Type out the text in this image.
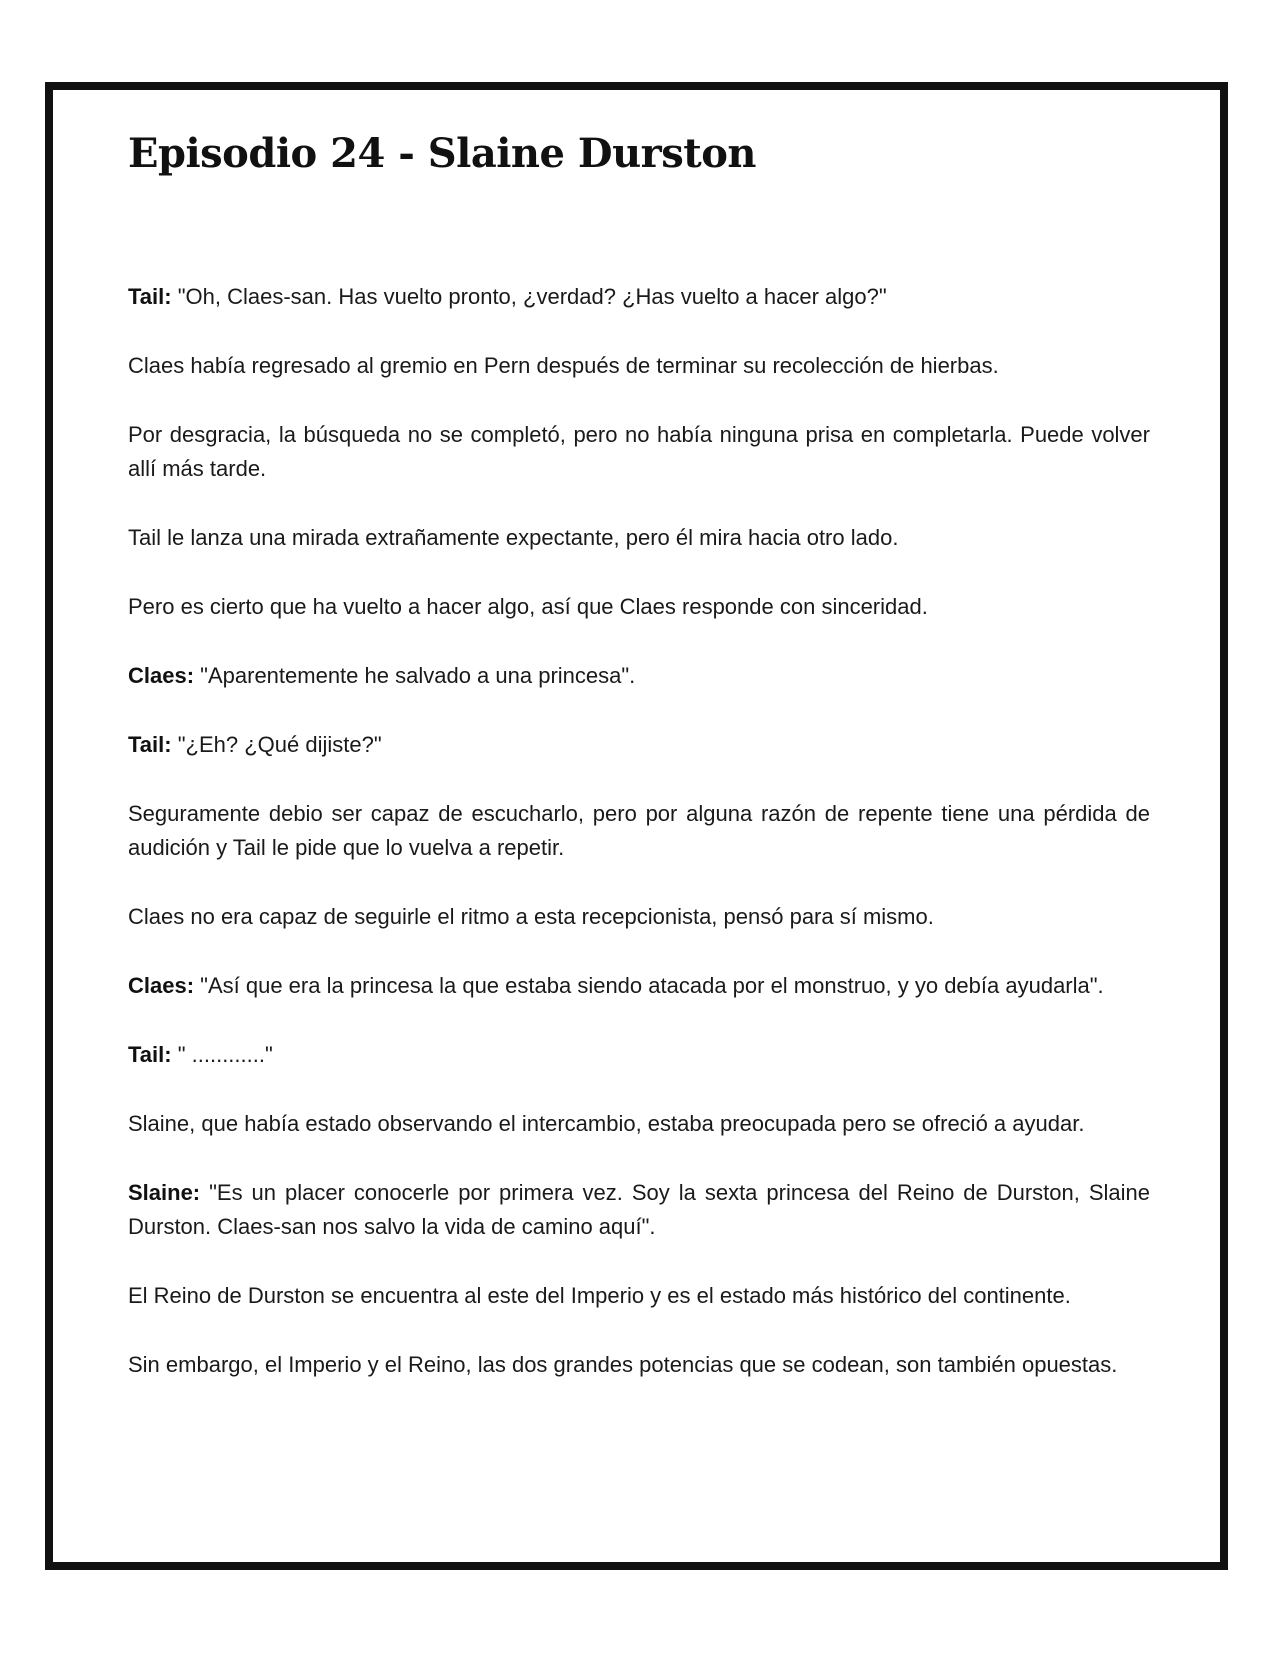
Episodio 24 - Slaine Durston

Tail: "Oh, Claes-san. Has vuelto pronto, ¿verdad? ¿Has vuelto a hacer algo?"

Claes había regresado al gremio en Pern después de terminar su recolección de hierbas.

Por desgracia, la búsqueda no se completó, pero no había ninguna prisa en completarla. Puede volver allí más tarde.

Tail le lanza una mirada extrañamente expectante, pero él mira hacia otro lado.

Pero es cierto que ha vuelto a hacer algo, así que Claes responde con sinceridad.

Claes: "Aparentemente he salvado a una princesa".

Tail: "¿Eh? ¿Qué dijiste?"

Seguramente debio ser capaz de escucharlo, pero por alguna razón de repente tiene una pérdida de audición y Tail le pide que lo vuelva a repetir.

Claes no era capaz de seguirle el ritmo a esta recepcionista, pensó para sí mismo.

Claes: "Así que era la princesa la que estaba siendo atacada por el monstruo, y yo debía ayudarla".

Tail: " ............"

Slaine, que había estado observando el intercambio, estaba preocupada pero se ofreció a ayudar.

Slaine: "Es un placer conocerle por primera vez. Soy la sexta princesa del Reino de Durston, Slaine Durston. Claes-san nos salvo la vida de camino aquí".

El Reino de Durston se encuentra al este del Imperio y es el estado más histórico del continente.

Sin embargo, el Imperio y el Reino, las dos grandes potencias que se codean, son también opuestas.
